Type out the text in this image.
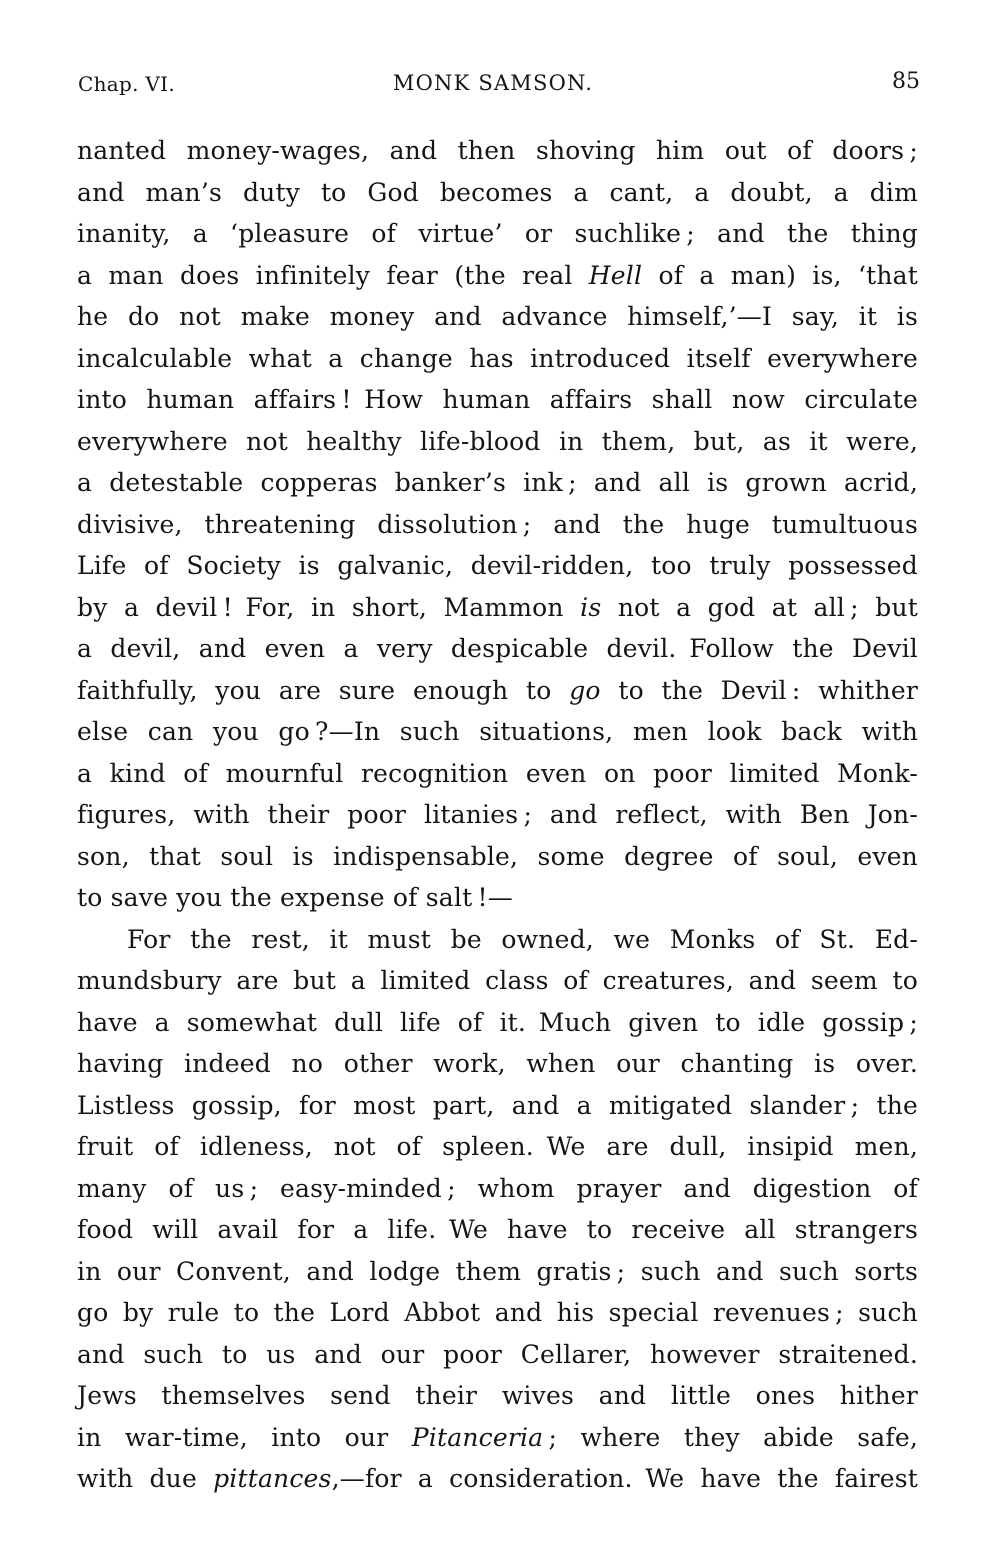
Chap. VI.	MONK SAMSON.	85
nanted money-wages, and then shoving him out of doors ;
and man’s duty to God becomes a cant, a doubt, a dim
inanity, a ‘pleasure of virtue’ or suchlike ; and the thing
a man does infinitely fear (the real Hell of a man) is, ‘that
he do not make money and advance himself,’—I say, it is
incalculable what a change has introduced itself everywhere
into human affairs ! How human affairs shall now circulate
everywhere not healthy life-blood in them, but, as it were,
a detestable copperas banker’s ink ; and all is grown acrid,
divisive, threatening dissolution ; and the huge tumultuous
Life of Society is galvanic, devil-ridden, too truly possessed
by a devil ! For, in short, Mammon is not a god at all ; but
a devil, and even a very despicable devil. Follow the Devil
faithfully, you are sure enough to go to the Devil : whither
else can you go ?—In such situations, men look back with
a kind of mournful recognition even on poor limited Monk-
figures, with their poor litanies ; and reflect, with Ben Jon-
son, that soul is indispensable, some degree of soul, even
to save you the expense of salt !—
For the rest, it must be owned, we Monks of St. Ed-
mundsbury are but a limited class of creatures, and seem to
have a somewhat dull life of it. Much given to idle gossip ;
having indeed no other work, when our chanting is over.
Listless gossip, for most part, and a mitigated slander ; the
fruit of idleness, not of spleen. We are dull, insipid men,
many of us ; easy-minded ; whom prayer and digestion of
food will avail for a life. We have to receive all strangers
in our Convent, and lodge them gratis ; such and such sorts
go by rule to the Lord Abbot and his special revenues ; such
and such to us and our poor Cellarer, however straitened.
Jews themselves send their wives and little ones hither
in war-time, into our Pitanceria ; where they abide safe,
with due pittances,—for a consideration. We have the fairest
